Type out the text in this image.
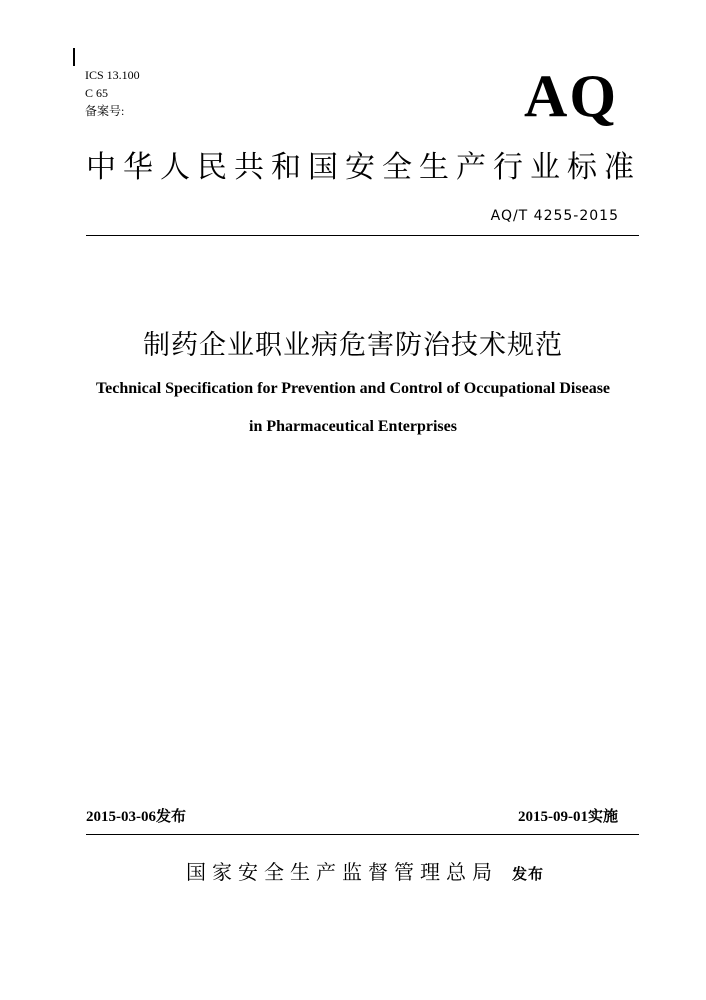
ICS 13.100
C 65
备案号:	AQ
中华人民共和国安全生产行业标准
AQ/T 4255-2015
制药企业职业病危害防治技术规范
Technical Specification for Prevention and Control of Occupational Disease
in Pharmaceutical Enterprises
2015-03-06发布	2015-09-01实施
国家安全生产监督管理总局 发布
